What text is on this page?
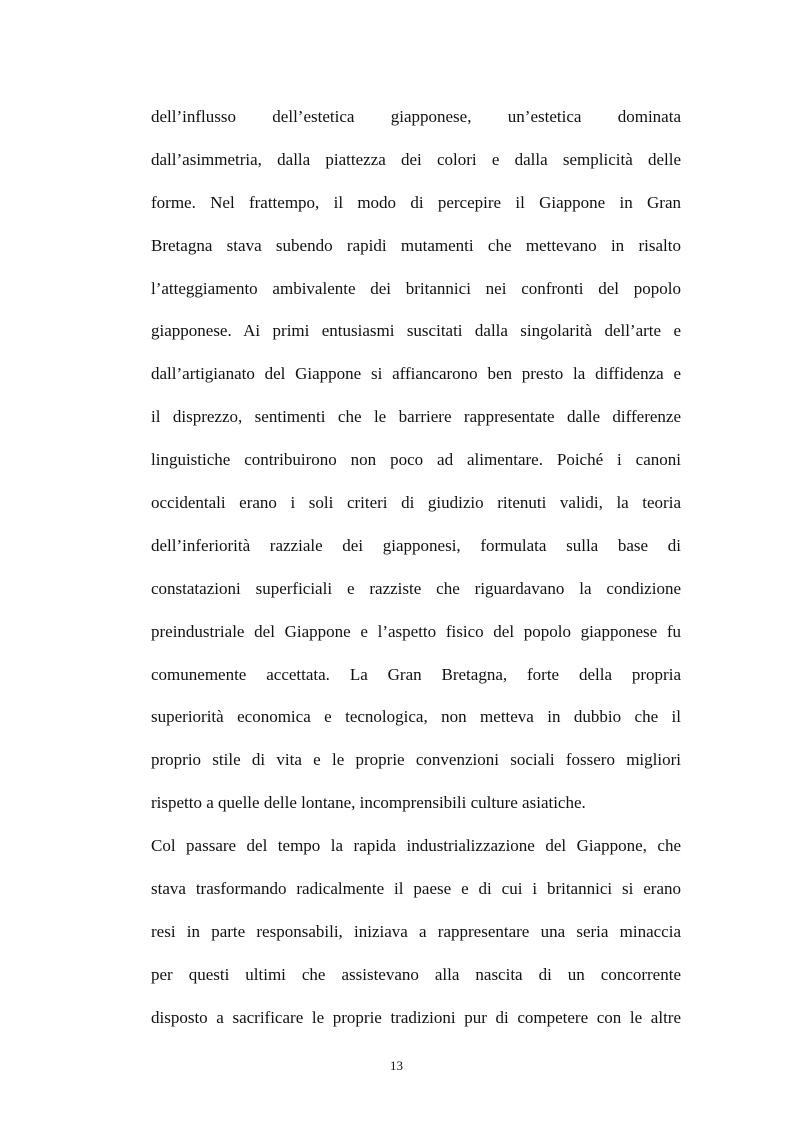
dell’influsso dell’estetica giapponese, un’estetica dominata
dall’asimmetria, dalla piattezza dei colori e dalla semplicità delle
forme. Nel frattempo, il modo di percepire il Giappone in Gran
Bretagna stava subendo rapidi mutamenti che mettevano in risalto
l’atteggiamento ambivalente dei britannici nei confronti del popolo
giapponese. Ai primi entusiasmi suscitati dalla singolarità dell’arte e
dall’artigianato del Giappone si affiancarono ben presto la diffidenza e
il disprezzo, sentimenti che le barriere rappresentate dalle differenze
linguistiche contribuirono non poco ad alimentare. Poiché i canoni
occidentali erano i soli criteri di giudizio ritenuti validi, la teoria
dell’inferiorità razziale dei giapponesi, formulata sulla base di
constatazioni superficiali e razziste che riguardavano la condizione
preindustriale del Giappone e l’aspetto fisico del popolo giapponese fu
comunemente accettata. La Gran Bretagna, forte della propria
superiorità economica e tecnologica, non metteva in dubbio che il
proprio stile di vita e le proprie convenzioni sociali fossero migliori
rispetto a quelle delle lontane, incomprensibili culture asiatiche.
Col passare del tempo la rapida industrializzazione del Giappone, che
stava trasformando radicalmente il paese e di cui i britannici si erano
resi in parte responsabili, iniziava a rappresentare una seria minaccia
per questi ultimi che assistevano alla nascita di un concorrente
disposto a sacrificare le proprie tradizioni pur di competere con le altre
13
